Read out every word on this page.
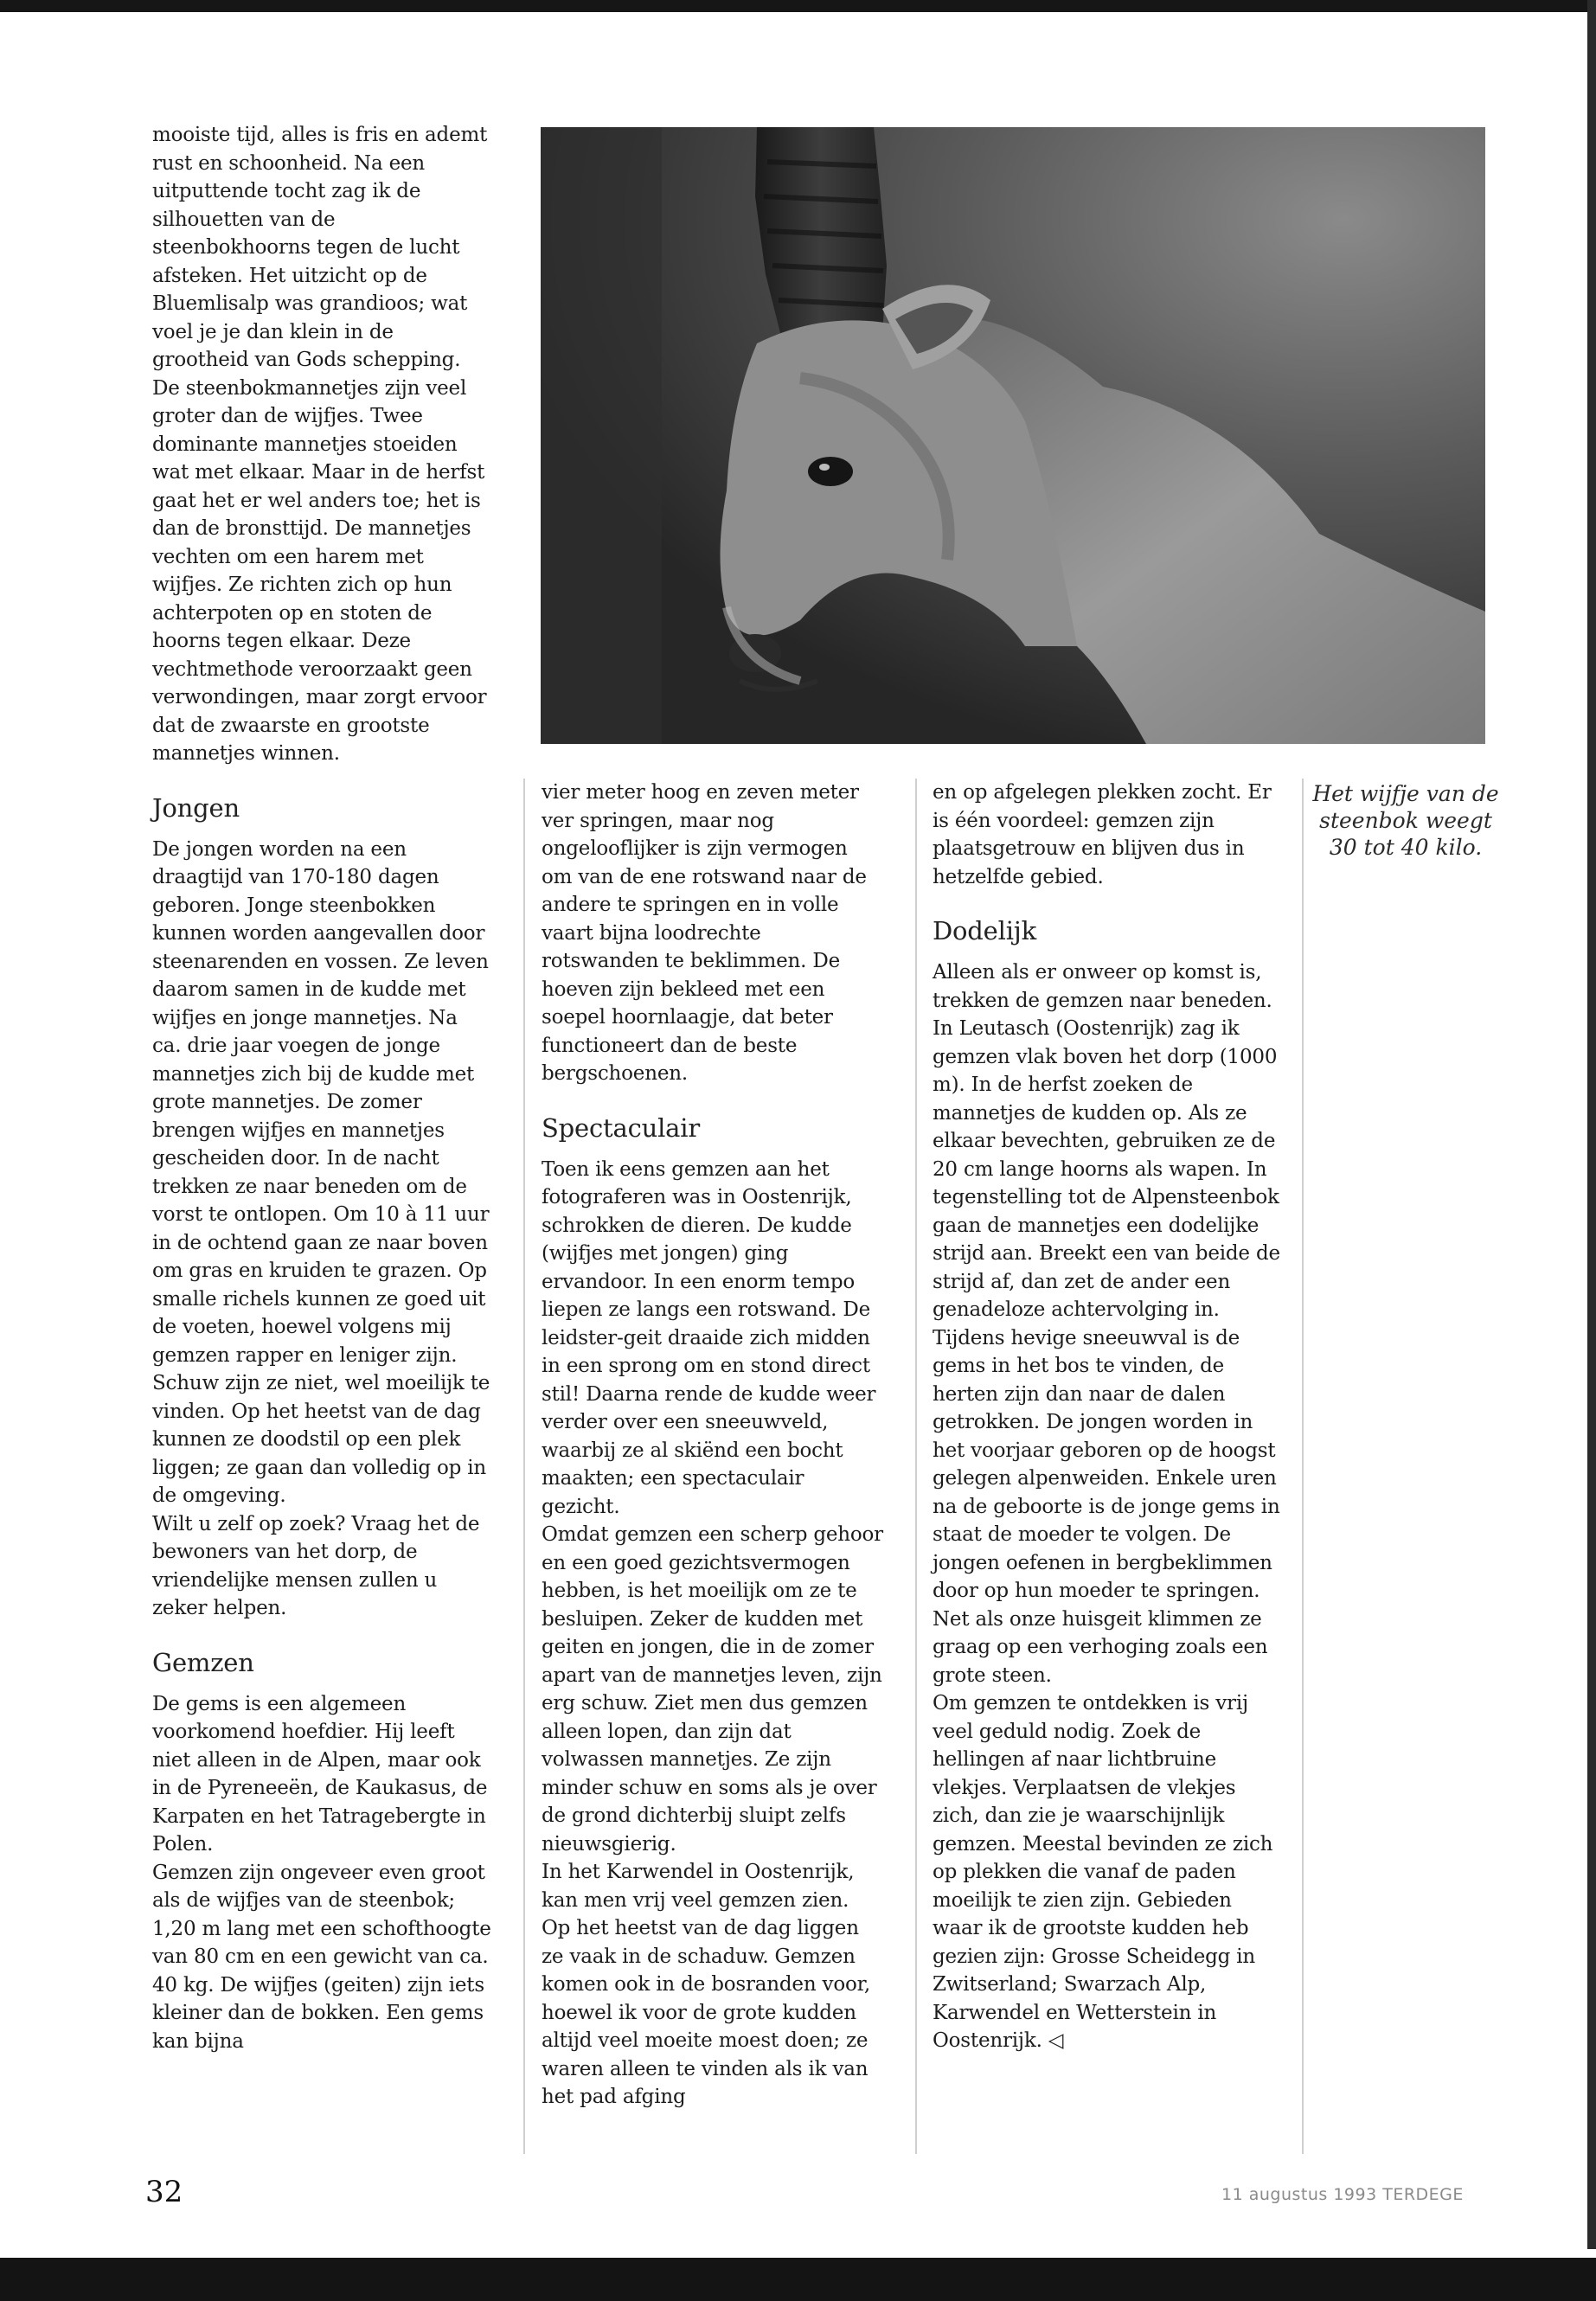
mooiste tijd, alles is fris en ademt rust en schoonheid. Na een uitputtende tocht zag ik de silhouetten van de steenbokhoorns tegen de lucht afsteken. Het uitzicht op de Bluemlisalp was grandioos; wat voel je je dan klein in de grootheid van Gods schepping.

De steenbokmannetjes zijn veel groter dan de wijfjes. Twee dominante mannetjes stoeiden wat met elkaar. Maar in de herfst gaat het er wel anders toe; het is dan de bronsttijd. De mannetjes vechten om een harem met wijfjes. Ze richten zich op hun achterpoten op en stoten de hoorns tegen elkaar. Deze vechtmethode veroorzaakt geen verwondingen, maar zorgt ervoor dat de zwaarste en grootste mannetjes winnen.

Jongen

De jongen worden na een draagtijd van 170-180 dagen geboren. Jonge steenbokken kunnen worden aangevallen door steenarenden en vossen. Ze leven daarom samen in de kudde met wijfjes en jonge mannetjes. Na ca. drie jaar voegen de jonge mannetjes zich bij de kudde met grote mannetjes. De zomer brengen wijfjes en mannetjes gescheiden door. In de nacht trekken ze naar beneden om de vorst te ontlopen. Om 10 à 11 uur in de ochtend gaan ze naar boven om gras en kruiden te grazen. Op smalle richels kunnen ze goed uit de voeten, hoewel volgens mij gemzen rapper en leniger zijn.

Schuw zijn ze niet, wel moeilijk te vinden. Op het heetst van de dag kunnen ze doodstil op een plek liggen; ze gaan dan volledig op in de omgeving.

Wilt u zelf op zoek? Vraag het de bewoners van het dorp, de vriendelijke mensen zullen u zeker helpen.

Gemzen

De gems is een algemeen voorkomend hoefdier. Hij leeft niet alleen in de Alpen, maar ook in de Pyreneeën, de Kaukasus, de Karpaten en het Tatragebergte in Polen.

Gemzen zijn ongeveer even groot als de wijfjes van de steenbok; 1,20 m lang met een schofthoogte van 80 cm en een gewicht van ca. 40 kg. De wijfjes (geiten) zijn iets kleiner dan de bokken. Een gems kan bijna

vier meter hoog en zeven meter ver springen, maar nog ongelooflijker is zijn vermogen om van de ene rotswand naar de andere te springen en in volle vaart bijna loodrechte rotswanden te beklimmen. De hoeven zijn bekleed met een soepel hoornlaagje, dat beter functioneert dan de beste bergschoenen.

Spectaculair

Toen ik eens gemzen aan het fotograferen was in Oostenrijk, schrokken de dieren. De kudde (wijfjes met jongen) ging ervandoor. In een enorm tempo liepen ze langs een rotswand. De leidster-geit draaide zich midden in een sprong om en stond direct stil! Daarna rende de kudde weer verder over een sneeuwveld, waarbij ze al skiënd een bocht maakten; een spectaculair gezicht.

Omdat gemzen een scherp gehoor en een goed gezichtsvermogen hebben, is het moeilijk om ze te besluipen. Zeker de kudden met geiten en jongen, die in de zomer apart van de mannetjes leven, zijn erg schuw. Ziet men dus gemzen alleen lopen, dan zijn dat volwassen mannetjes. Ze zijn minder schuw en soms als je over de grond dichterbij sluipt zelfs nieuwsgierig.

In het Karwendel in Oostenrijk, kan men vrij veel gemzen zien. Op het heetst van de dag liggen ze vaak in de schaduw. Gemzen komen ook in de bosranden voor, hoewel ik voor de grote kudden altijd veel moeite moest doen; ze waren alleen te vinden als ik van het pad afging

en op afgelegen plekken zocht. Er is één voordeel: gemzen zijn plaatsgetrouw en blijven dus in hetzelfde gebied.

Dodelijk

Alleen als er onweer op komst is, trekken de gemzen naar beneden. In Leutasch (Oostenrijk) zag ik gemzen vlak boven het dorp (1000 m). In de herfst zoeken de mannetjes de kudden op. Als ze elkaar bevechten, gebruiken ze de 20 cm lange hoorns als wapen. In tegenstelling tot de Alpensteenbok gaan de mannetjes een dodelijke strijd aan. Breekt een van beide de strijd af, dan zet de ander een genadeloze achtervolging in.

Tijdens hevige sneeuwval is de gems in het bos te vinden, de herten zijn dan naar de dalen getrokken. De jongen worden in het voorjaar geboren op de hoogst gelegen alpenweiden. Enkele uren na de geboorte is de jonge gems in staat de moeder te volgen. De jongen oefenen in bergbeklimmen door op hun moeder te springen. Net als onze huisgeit klimmen ze graag op een verhoging zoals een grote steen.

Om gemzen te ontdekken is vrij veel geduld nodig. Zoek de hellingen af naar lichtbruine vlekjes. Verplaatsen de vlekjes zich, dan zie je waarschijnlijk gemzen. Meestal bevinden ze zich op plekken die vanaf de paden moeilijk te zien zijn. Gebieden waar ik de grootste kudden heb gezien zijn: Grosse Scheidegg in Zwitserland; Swarzach Alp, Karwendel en Wetterstein in Oostenrijk. ◁

Het wijfje van de steenbok weegt 30 tot 40 kilo.
32	11 augustus 1993 TERDEGE
